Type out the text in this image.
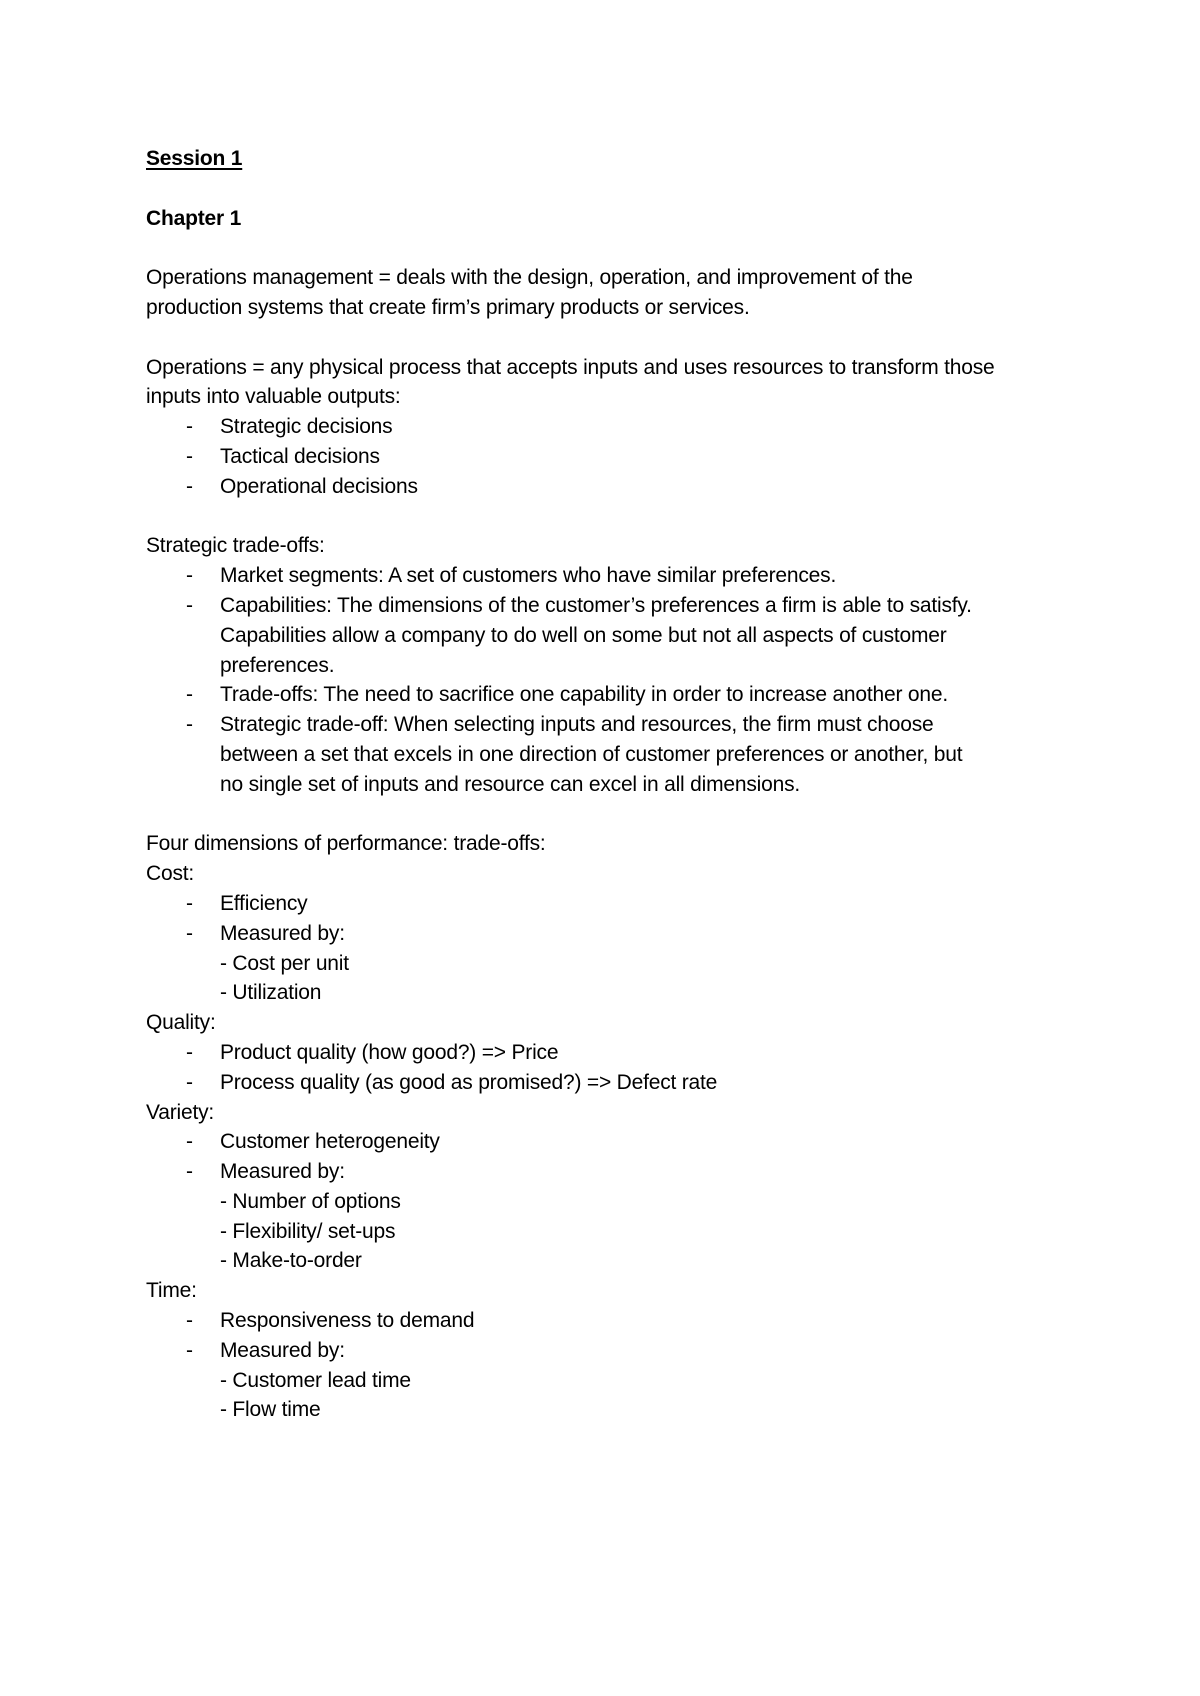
Session 1

Chapter 1

Operations management = deals with the design, operation, and improvement of the

production systems that create firm’s primary products or services.

Operations = any physical process that accepts inputs and uses resources to transform those

inputs into valuable outputs:

- Strategic decisions
- Tactical decisions
- Operational decisions

Strategic trade-offs:

- Market segments: A set of customers who have similar preferences.
- Capabilities: The dimensions of the customer’s preferences a firm is able to satisfy.
Capabilities allow a company to do well on some but not all aspects of customer
preferences.
- Trade-offs: The need to sacrifice one capability in order to increase another one.
- Strategic trade-off: When selecting inputs and resources, the firm must choose
between a set that excels in one direction of customer preferences or another, but
no single set of inputs and resource can excel in all dimensions.

Four dimensions of performance: trade-offs:

Cost:

- Efficiency
- Measured by:

- Cost per unit

- Utilization

Quality:

- Product quality (how good?) => Price
- Process quality (as good as promised?) => Defect rate

Variety:

- Customer heterogeneity
- Measured by:

- Number of options

- Flexibility/ set-ups

- Make-to-order

Time:

- Responsiveness to demand
- Measured by:

- Customer lead time

- Flow time
